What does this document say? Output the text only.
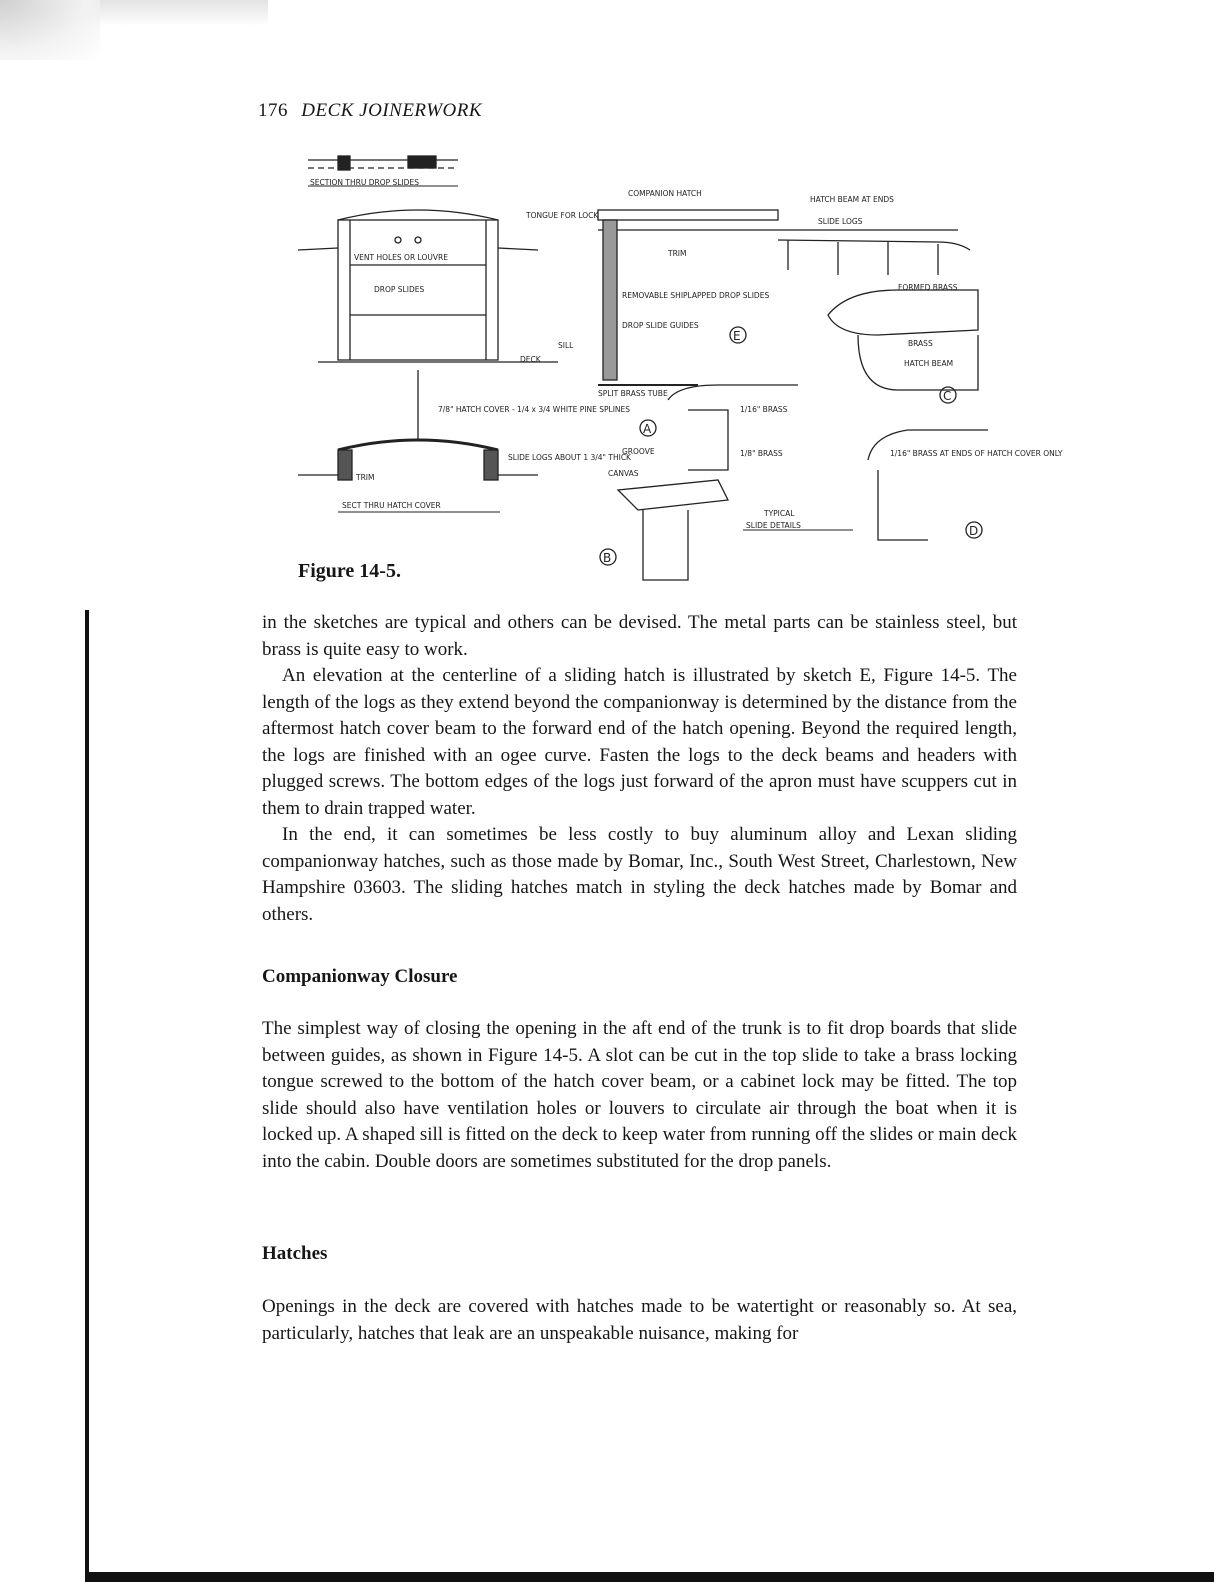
176 DECK JOINERWORK
SECTION THRU DROP SLIDES
VENT HOLES OR LOUVRE
DROP SLIDES
TONGUE FOR LOCK
COMPANION HATCH
HATCH BEAM AT ENDS
SLIDE LOGS
TRIM
REMOVABLE SHIPLAPPED DROP SLIDES
DROP SLIDE GUIDES
SILL
DECK
E
7/8" HATCH COVER - 1/4 x 3/4 WHITE PINE SPLINES
SLIDE LOGS ABOUT 1 3/4" THICK
TRIM
SECT THRU HATCH COVER
SPLIT BRASS TUBE
1/16" BRASS
A
GROOVE	1/8" BRASS
CANVAS
FORMED BRASS
BRASS
HATCH BEAM
C
1/16" BRASS AT ENDS OF HATCH COVER ONLY
TYPICAL
SLIDE DETAILS	D
B
Figure 14-5.

in the sketches are typical and others can be devised. The metal parts can be stainless steel, but brass is quite easy to work.

An elevation at the centerline of a sliding hatch is illustrated by sketch E, Figure 14-5. The length of the logs as they extend beyond the companionway is determined by the distance from the aftermost hatch cover beam to the forward end of the hatch opening. Beyond the required length, the logs are finished with an ogee curve. Fasten the logs to the deck beams and headers with plugged screws. The bottom edges of the logs just forward of the apron must have scuppers cut in them to drain trapped water.

In the end, it can sometimes be less costly to buy aluminum alloy and Lexan sliding companionway hatches, such as those made by Bomar, Inc., South West Street, Charlestown, New Hampshire 03603. The sliding hatches match in styling the deck hatches made by Bomar and others.

Companionway Closure

The simplest way of closing the opening in the aft end of the trunk is to fit drop boards that slide between guides, as shown in Figure 14-5. A slot can be cut in the top slide to take a brass locking tongue screwed to the bottom of the hatch cover beam, or a cabinet lock may be fitted. The top slide should also have ventilation holes or louvers to circulate air through the boat when it is locked up. A shaped sill is fitted on the deck to keep water from running off the slides or main deck into the cabin. Double doors are sometimes substituted for the drop panels.

Hatches

Openings in the deck are covered with hatches made to be watertight or reasonably so. At sea, particularly, hatches that leak are an unspeakable nuisance, making for
